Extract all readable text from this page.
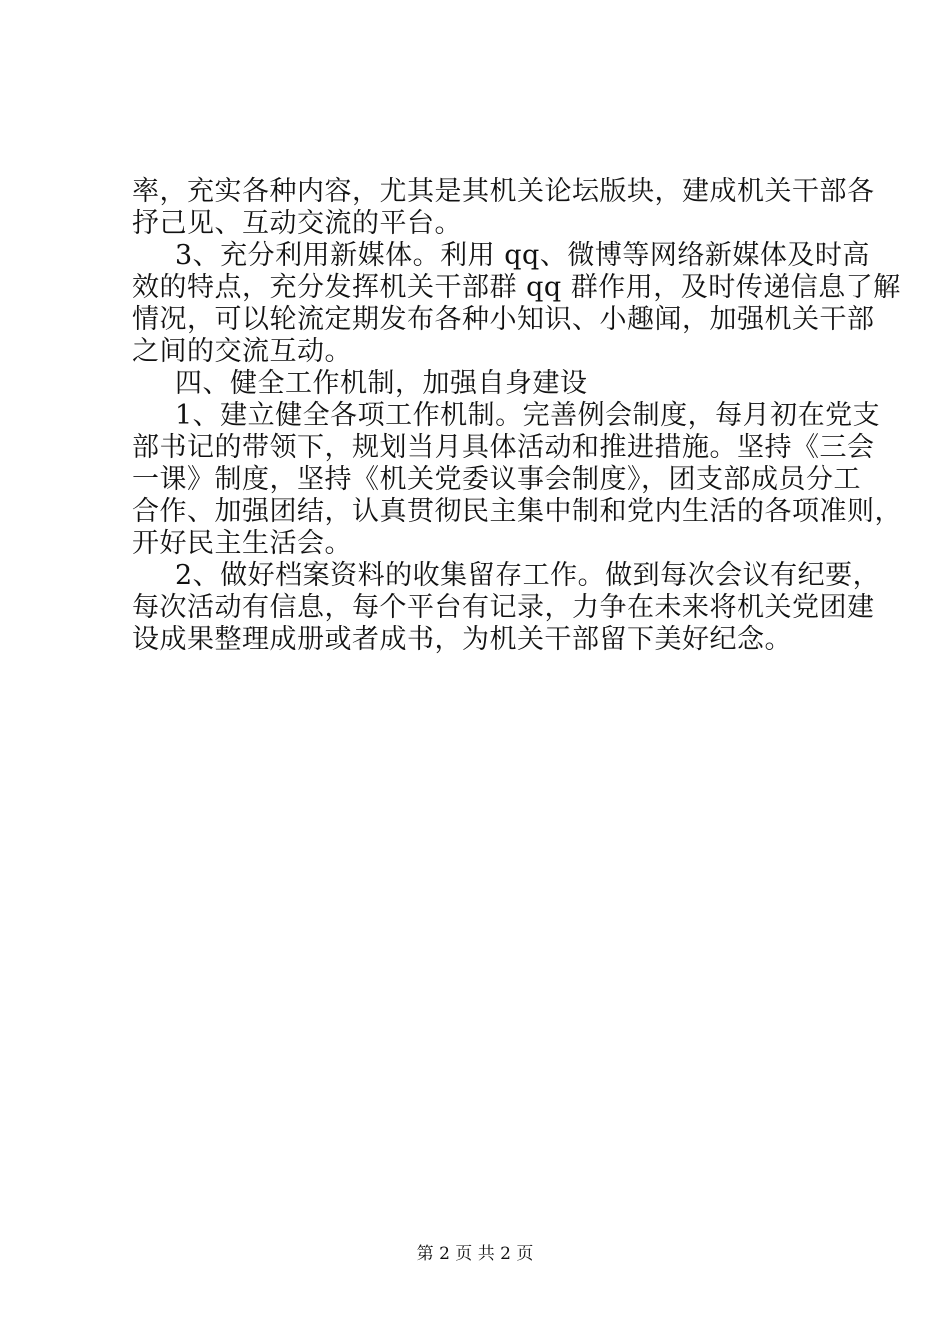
率，充实各种内容，尤其是其机关论坛版块，建成机关干部各
抒己见、互动交流的平台。
3、充分利用新媒体。利用 qq、微博等网络新媒体及时高
效的特点，充分发挥机关干部群 qq 群作用，及时传递信息了解
情况，可以轮流定期发布各种小知识、小趣闻，加强机关干部
之间的交流互动。
四、健全工作机制，加强自身建设
1、建立健全各项工作机制。完善例会制度，每月初在党支
部书记的带领下，规划当月具体活动和推进措施。坚持《三会
一课》制度，坚持《机关党委议事会制度》，团支部成员分工
合作、加强团结，认真贯彻民主集中制和党内生活的各项准则，
开好民主生活会。
2、做好档案资料的收集留存工作。做到每次会议有纪要，
每次活动有信息，每个平台有记录，力争在未来将机关党团建
设成果整理成册或者成书，为机关干部留下美好纪念。
第 2 页 共 2 页
